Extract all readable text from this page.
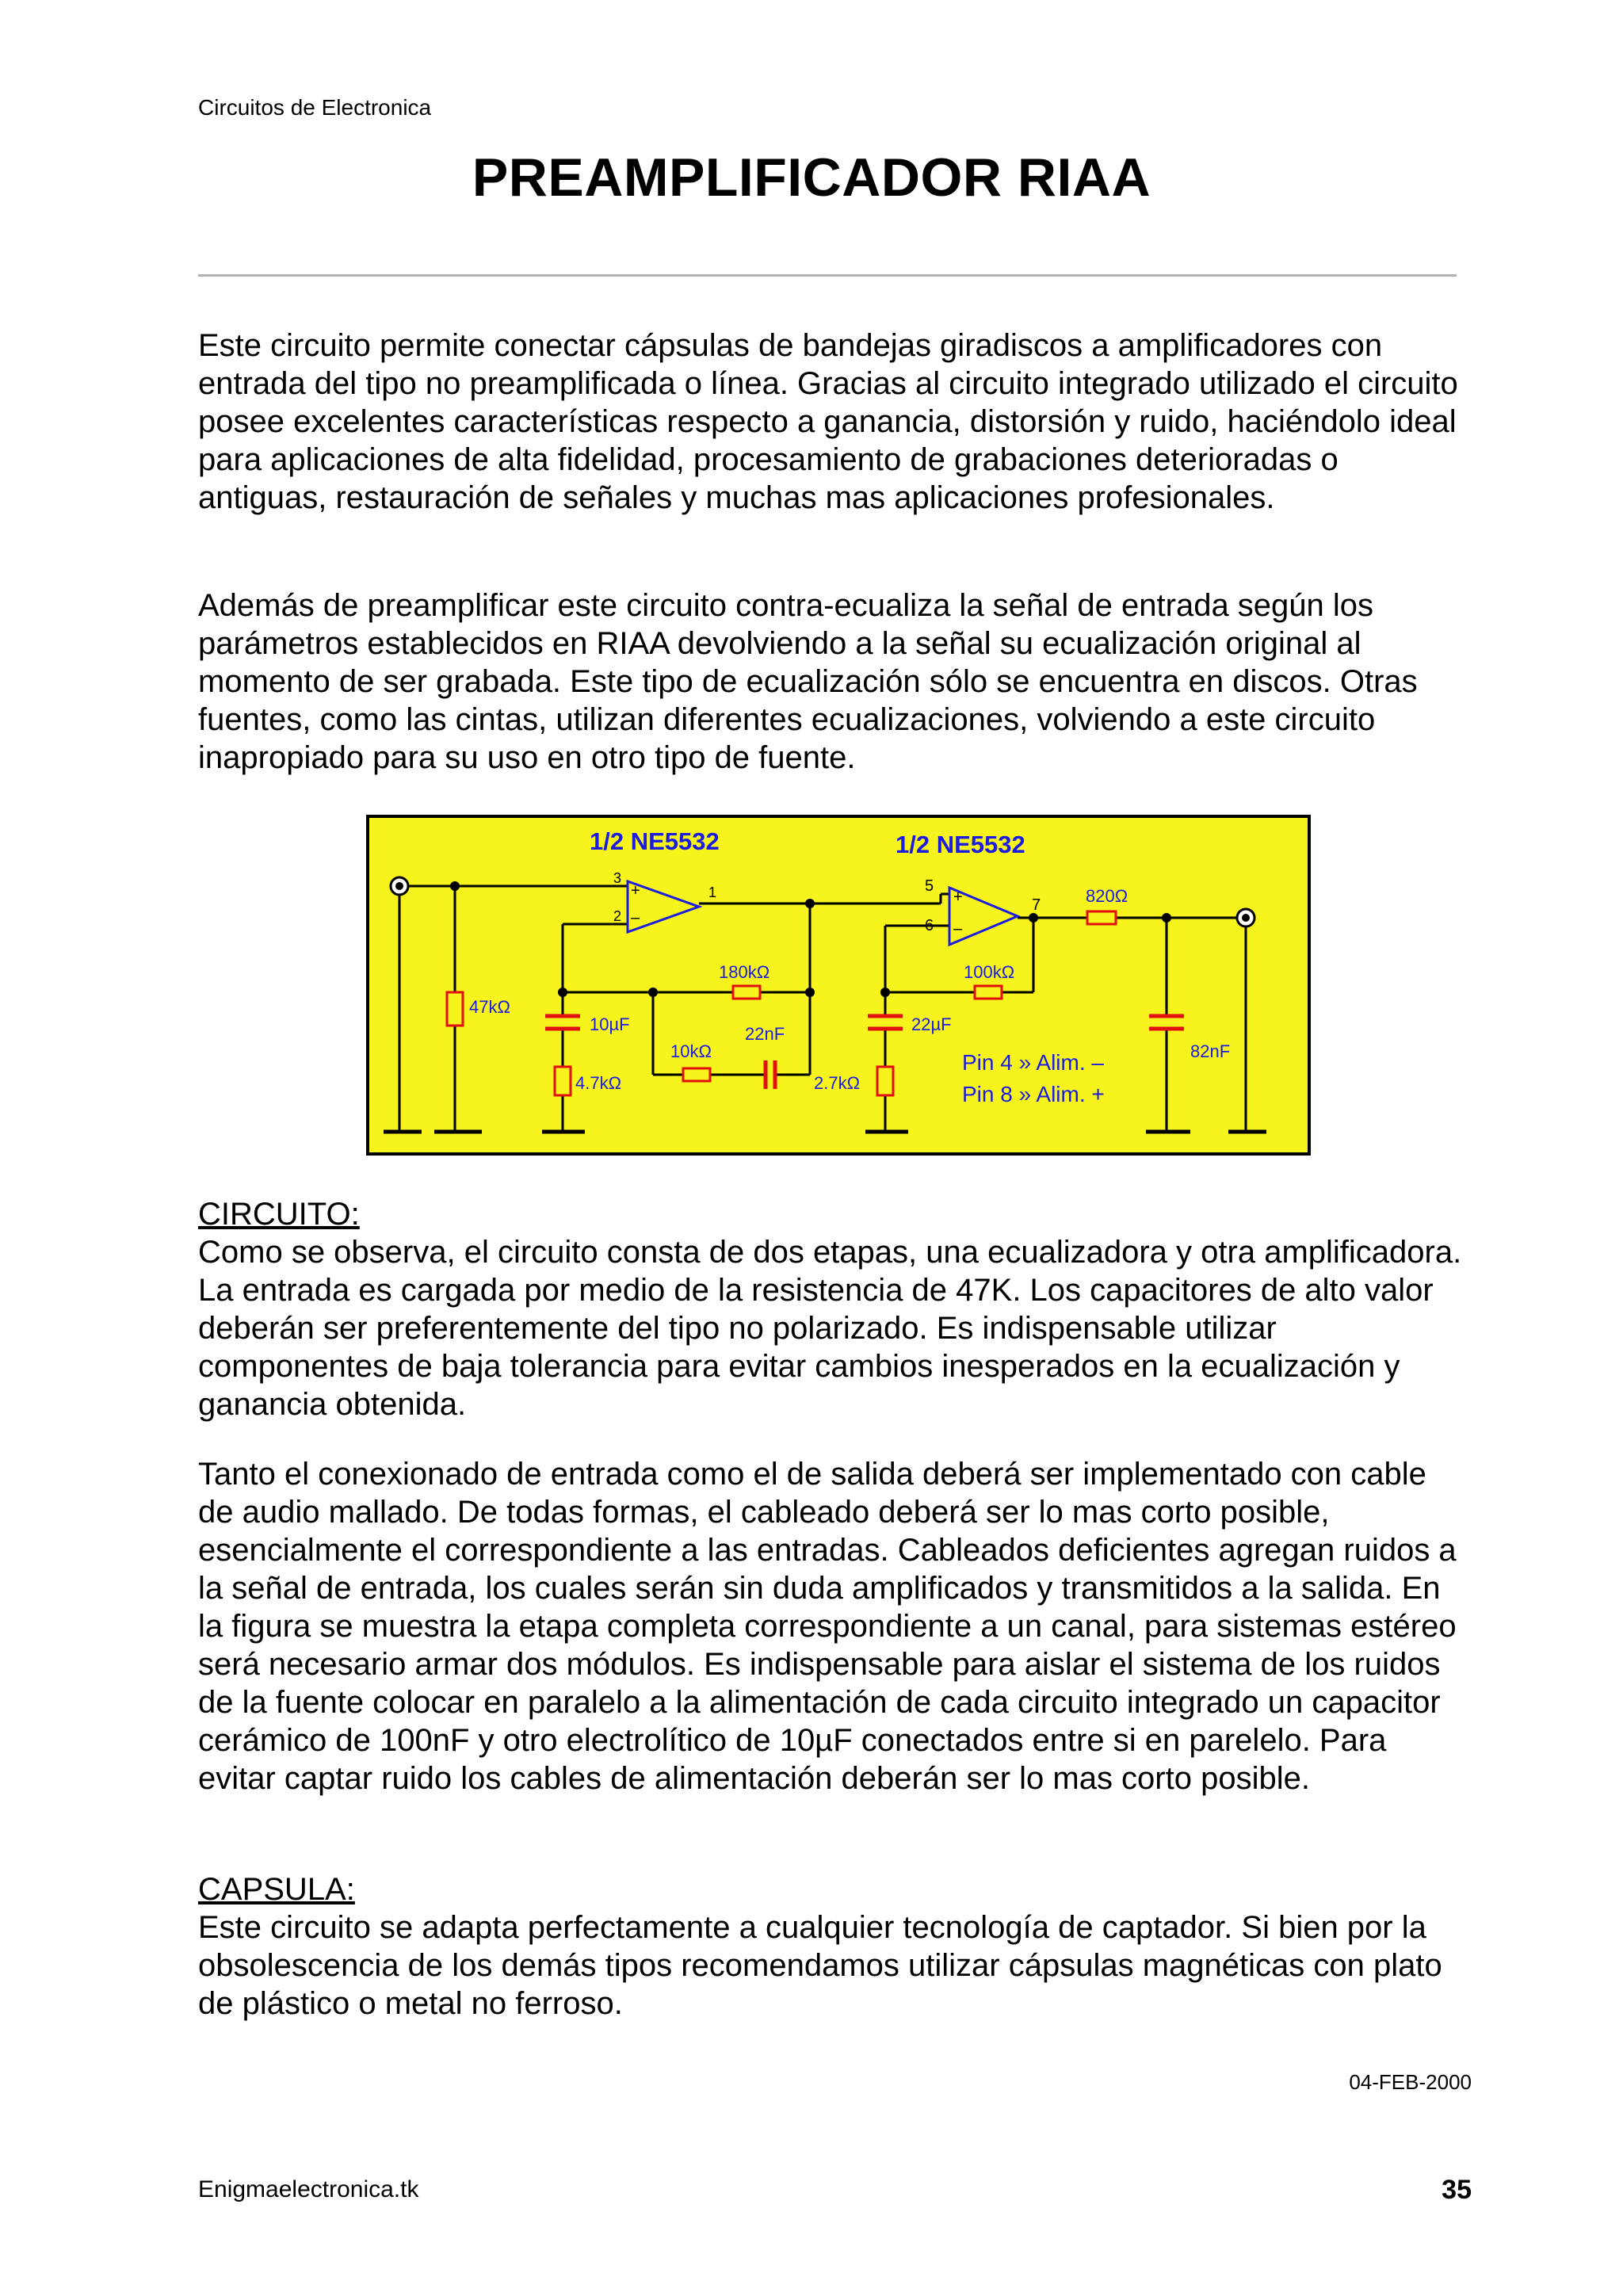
Circuitos de Electronica
PREAMPLIFICADOR RIAA

Este circuito permite conectar cápsulas de bandejas giradiscos a amplificadores con entrada del tipo no preamplificada o línea. Gracias al circuito integrado utilizado el circuito posee excelentes características respecto a ganancia, distorsión y ruido, haciéndolo ideal para aplicaciones de alta fidelidad, procesamiento de grabaciones deterioradas o antiguas, restauración de señales y muchas mas aplicaciones profesionales.

Además de preamplificar este circuito contra-ecualiza la señal de entrada según los parámetros establecidos en RIAA devolviendo a la señal su ecualización original al momento de ser grabada. Este tipo de ecualización sólo se encuentra en discos. Otras fuentes, como las cintas, utilizan diferentes ecualizaciones, volviendo a este circuito inapropiado para su uso en otro tipo de fuente.

1/2 NE5532	1/2 NE5532
3
2
1
+
–
5
6
7
+
–
47kΩ
10µF
4.7kΩ
180kΩ
10kΩ
22nF
100kΩ
22µF
2.7kΩ
820Ω
82nF
Pin 4 » Alim. –
Pin 8 » Alim. +

CIRCUITO:

Como se observa, el circuito consta de dos etapas, una ecualizadora y otra amplificadora. La entrada es cargada por medio de la resistencia de 47K. Los capacitores de alto valor deberán ser preferentemente del tipo no polarizado. Es indispensable utilizar componentes de baja tolerancia para evitar cambios inesperados en la ecualización y ganancia obtenida.

Tanto el conexionado de entrada como el de salida deberá ser implementado con cable de audio mallado. De todas formas, el cableado deberá ser lo mas corto posible, esencialmente el correspondiente a las entradas. Cableados deficientes agregan ruidos a la señal de entrada, los cuales serán sin duda amplificados y transmitidos a la salida. En la figura se muestra la etapa completa correspondiente a un canal, para sistemas estéreo será necesario armar dos módulos. Es indispensable para aislar el sistema de los ruidos de la fuente colocar en paralelo a la alimentación de cada circuito integrado un capacitor cerámico de 100nF y otro electrolítico de 10µF conectados entre si en parelelo. Para evitar captar ruido los cables de alimentación deberán ser lo mas corto posible.

CAPSULA:

Este circuito se adapta perfectamente a cualquier tecnología de captador. Si bien por la obsolescencia de los demás tipos recomendamos utilizar cápsulas magnéticas con plato de plástico o metal no ferroso.

04-FEB-2000
Enigmaelectronica.tk	35
